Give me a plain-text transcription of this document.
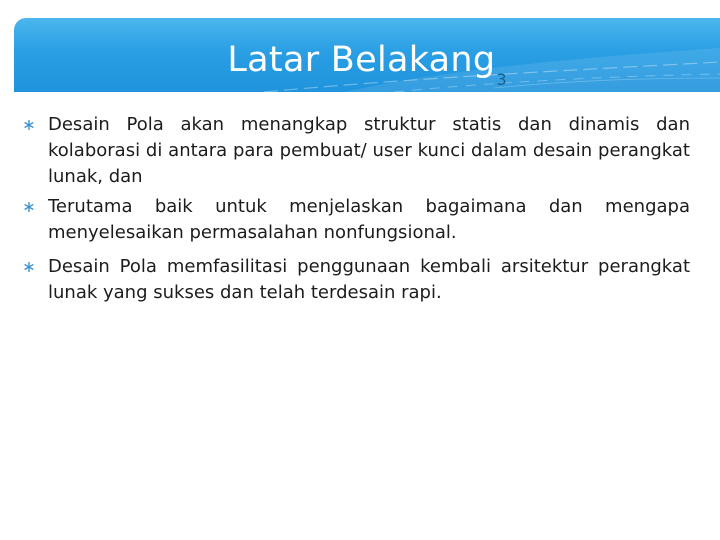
Latar Belakang$_3$
∗ Desain Pola akan menangkap struktur statis dan dinamis dan kolaborasi di antara para pembuat/ user kunci dalam desain perangkat lunak, dan
∗ Terutama baik untuk menjelaskan bagaimana dan mengapa menyelesaikan permasalahan nonfungsional.
∗ Desain Pola memfasilitasi penggunaan kembali arsitektur perangkat lunak yang sukses dan telah terdesain rapi.
